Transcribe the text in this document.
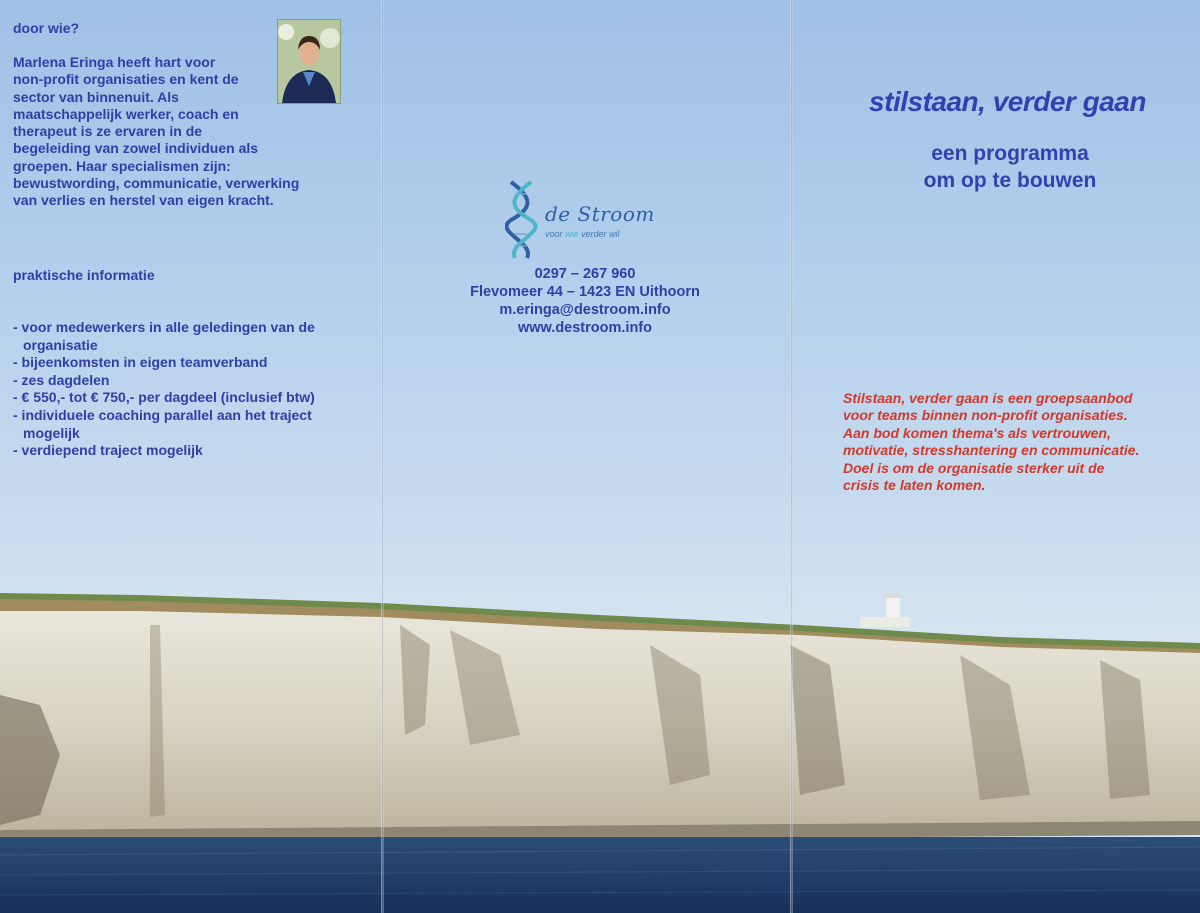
door wie?
Marlena Eringa heeft hart voor
non-profit organisaties en kent de
sector van binnenuit. Als
maatschappelijk werker, coach en
therapeut is ze ervaren in de
begeleiding van zowel individuen als
groepen. Haar specialismen zijn:
bewustwording, communicatie, verwerking
van verlies en herstel van eigen kracht.
praktische informatie
- voor medewerkers in alle geledingen van de
organisatie
- bijeenkomsten in eigen teamverband
- zes dagdelen
- € 550,- tot € 750,- per dagdeel (inclusief btw)
- individuele coaching parallel aan het traject
mogelijk
- verdiepend traject mogelijk
de Stroom
voor wie verder wil
0297 – 267 960
Flevomeer 44 – 1423 EN Uithoorn
m.eringa@destroom.info
www.destroom.info
stilstaan, verder gaan
een programma
om op te bouwen
Stilstaan, verder gaan is een groepsaanbod
voor teams binnen non-profit organisaties.
Aan bod komen thema's als vertrouwen,
motivatie, stresshantering en communicatie.
Doel is om de organisatie sterker uit de
crisis te laten komen.
